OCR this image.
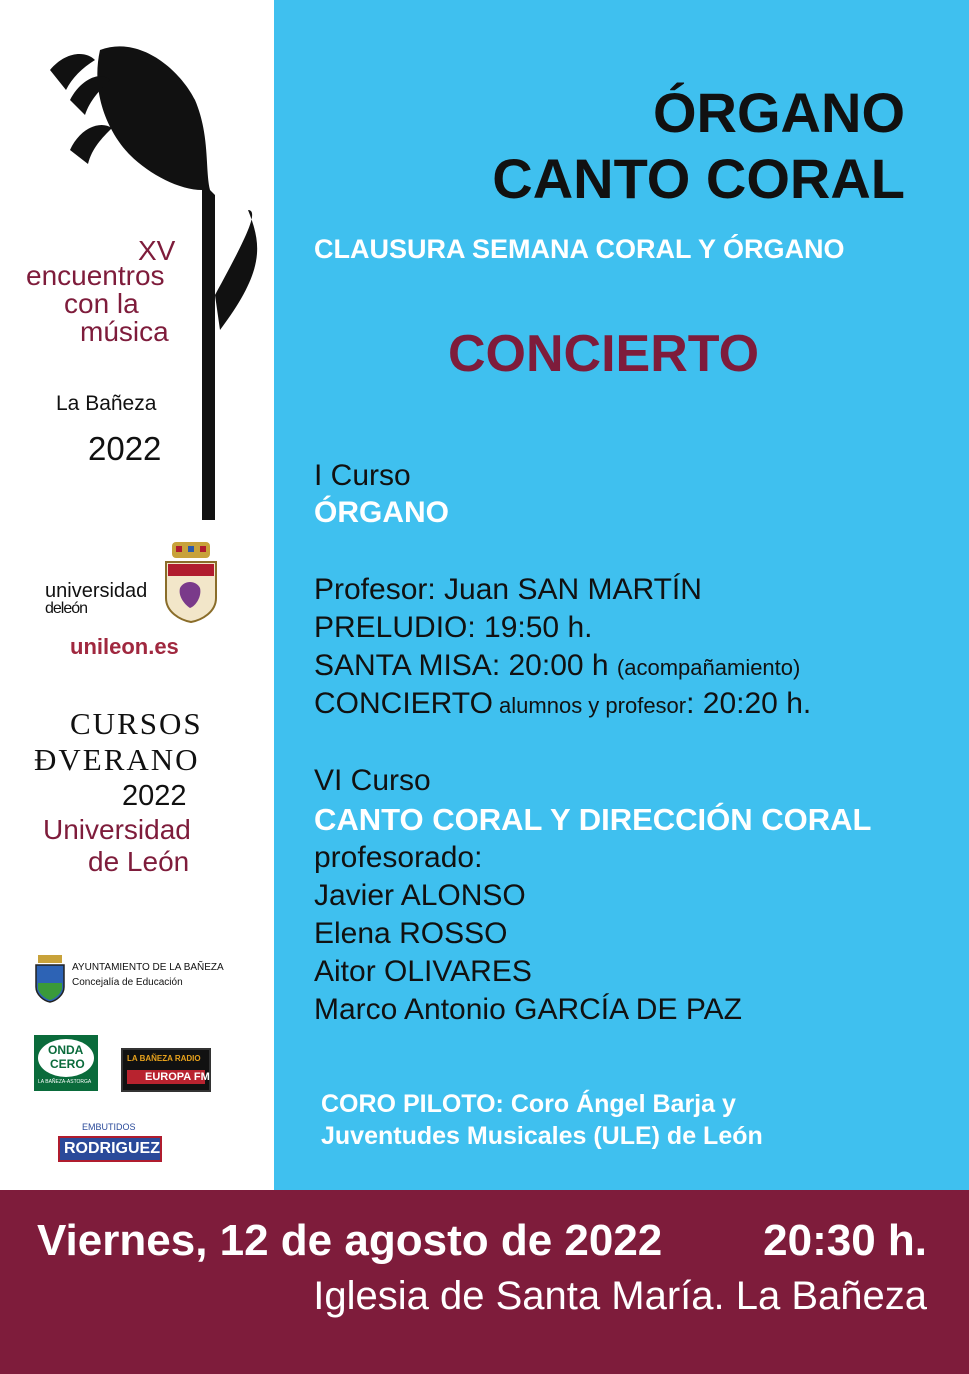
XV
encuentros
con la
música
La Bañeza
2022
universidad
deleón
unileon.es
CURSOS
ÐVERANO
2022
Universidad
de León
AYUNTAMIENTO DE LA BAÑEZA
Concejalía de Educación
ONDA
CERO
LA BAÑEZA-ASTORGA
LA BAÑEZA RADIO
EUROPA FM
EMBUTIDOS
RODRIGUEZ
ÓRGANO
CANTO CORAL
CLAUSURA SEMANA CORAL Y ÓRGANO
CONCIERTO
I Curso
ÓRGANO
Profesor: Juan SAN MARTÍN
PRELUDIO: 19:50 h.
SANTA MISA: 20:00 h (acompañamiento)
CONCIERTO alumnos y profesor: 20:20 h.
VI Curso
CANTO CORAL Y DIRECCIÓN CORAL
profesorado:
Javier ALONSO
Elena ROSSO
Aitor OLIVARES
Marco Antonio GARCÍA DE PAZ
CORO PILOTO: Coro Ángel Barja y
Juventudes Musicales (ULE) de León
Viernes, 12 de agosto de 2022 20:30 h.
Iglesia de Santa María. La Bañeza
